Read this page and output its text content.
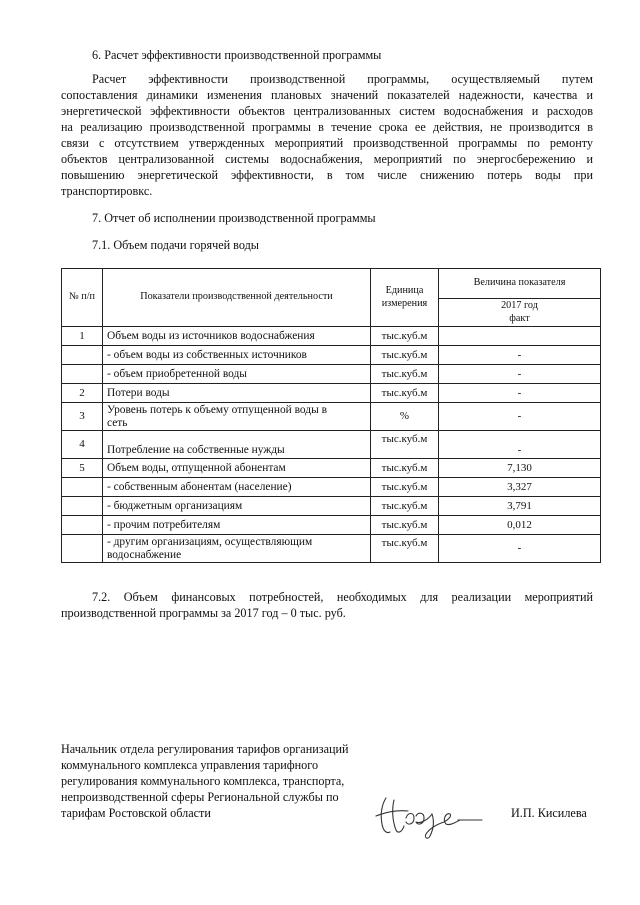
6. Расчет эффективности производственной программы
Расчет эффективности производственной программы, осуществляемый путем
сопоставления динамики изменения плановых значений показателей надежности, качества и
энергетической эффективности объектов централизованных систем водоснабжения и расходов
на реализацию производственной программы в течение срока ее действия, не производится в
связи с отсутствием утвержденных мероприятий производственной программы по ремонту
объектов централизованной системы водоснабжения, мероприятий по энергосбережению и
повышению энергетической эффективности, в том числе снижению потерь воды при
транспортировкс.
7. Отчет об исполнении производственной программы
7.1. Объем подачи горячей воды
№ п/п	Показатели производственной деятельности	Единица
измерения	Величина показателя

			2017 год
факт

1	Объем воды из источников водоснабжения	тыс.куб.м	
	- объем воды из собственных источников	тыс.куб.м	-
	- объем приобретенной воды	тыс.куб.м	-
2	Потери воды	тыс.куб.м	-
3	Уровень потерь к объему отпущенной воды в
сеть	%	-
4	Потребление на собственные нужды	тыс.куб.м	-
5	Объем воды, отпущенной абонентам	тыс.куб.м	7,130
	- собственным абонентам (население)	тыс.куб.м	3,327
	- бюджетным организациям	тыс.куб.м	3,791
	- прочим потребителям	тыс.куб.м	0,012

	- другим организациям, осуществляющим
водоснабжение	тыс.куб.м	-
7.2. Объем финансовых потребностей, необходимых для реализации мероприятий
производственной программы за 2017 год – 0 тыс. руб.
Начальник отдела регулирования тарифов организаций
коммунального комплекса управления тарифного
регулирования коммунального комплекса, транспорта,
непроизводственной сферы Региональной службы по
тарифам Ростовской области	И.П. Кисилева
